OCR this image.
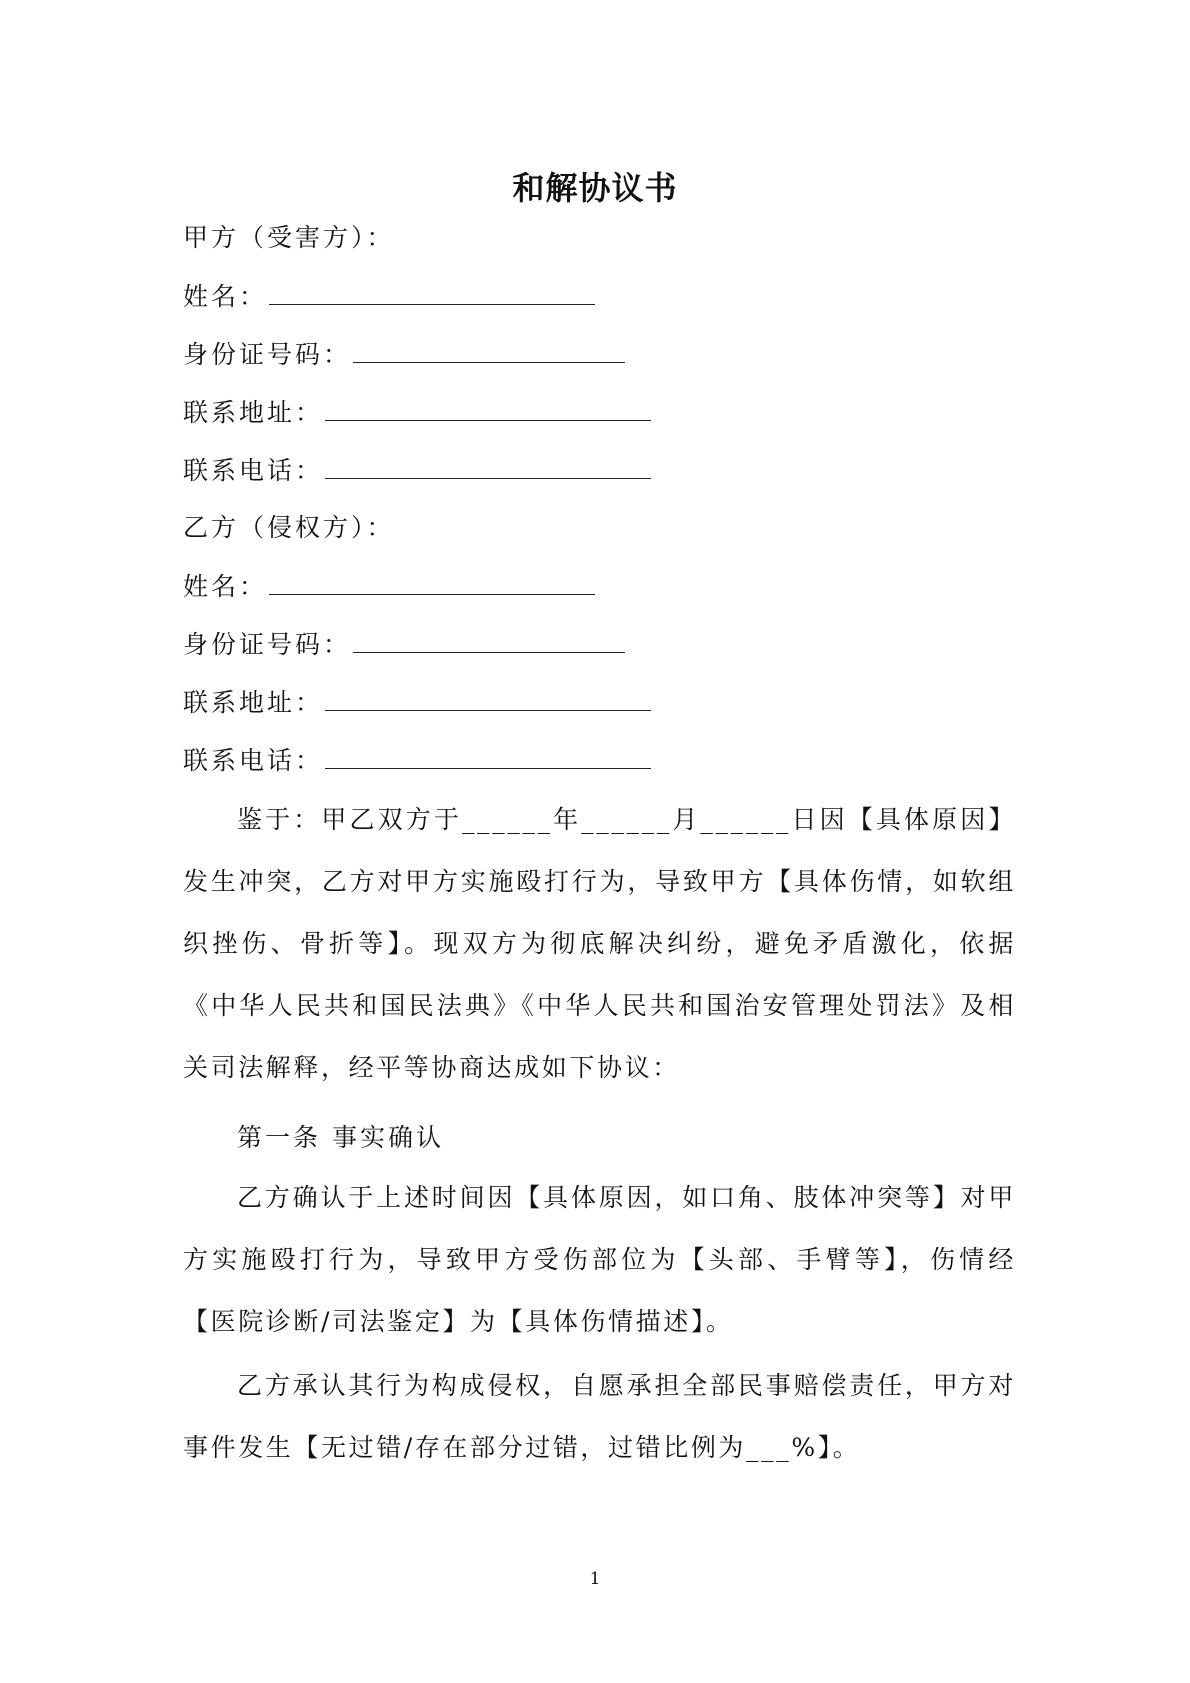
和解协议书
甲方（受害方）：
姓名：
身份证号码：
联系地址：
联系电话：
乙方（侵权方）：
姓名：
身份证号码：
联系地址：
联系电话：

鉴于：甲乙双方于______年______月______日因【具体原因】发生冲突，乙方对甲方实施殴打行为，导致甲方【具体伤情，如软组织挫伤、骨折等】。现双方为彻底解决纠纷，避免矛盾激化，依据《中华人民共和国民法典》《中华人民共和国治安管理处罚法》及相关司法解释，经平等协商达成如下协议：

第一条 事实确认

乙方确认于上述时间因【具体原因，如口角、肢体冲突等】对甲方实施殴打行为，导致甲方受伤部位为【头部、手臂等】，伤情经【医院诊断/司法鉴定】为【具体伤情描述】。

乙方承认其行为构成侵权，自愿承担全部民事赔偿责任，甲方对事件发生【无过错/存在部分过错，过错比例为___%】。

1
